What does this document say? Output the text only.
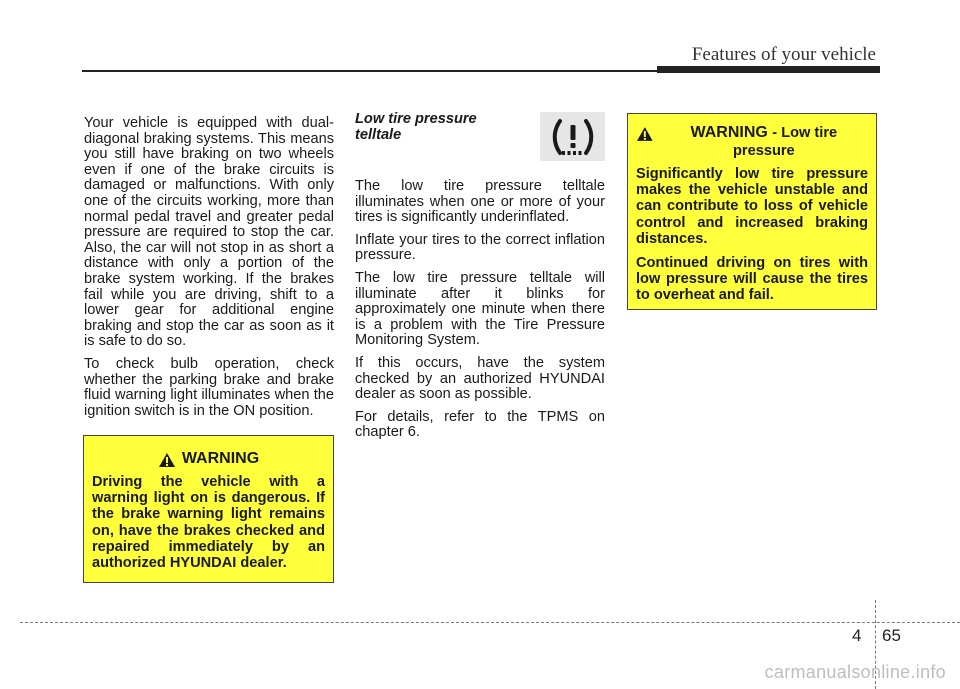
Features of your vehicle

Your vehicle is equipped with dual-diagonal braking systems. This means you still have braking on two wheels even if one of the brake circuits is damaged or malfunctions. With only one of the circuits working, more than normal pedal travel and greater pedal pressure are required to stop the car. Also, the car will not stop in as short a distance with only a portion of the brake system working. If the brakes fail while you are driving, shift to a lower gear for additional engine braking and stop the car as soon as it is safe to do so.

To check bulb operation, check whether the parking brake and brake fluid warning light illuminates when the ignition switch is in the ON position.

WARNING

Driving the vehicle with a warning light on is dangerous. If the brake warning light remains on, have the brakes checked and repaired immediately by an authorized HYUNDAI dealer.

Low tire pressure telltale

The low tire pressure telltale illuminates when one or more of your tires is significantly underinflated.

Inflate your tires to the correct inflation pressure.

The low tire pressure telltale will illuminate after it blinks for approximately one minute when there is a problem with the Tire Pressure Monitoring System.

If this occurs, have the system checked by an authorized HYUNDAI dealer as soon as possible.

For details, refer to the TPMS on chapter 6.

WARNING - Low tire pressure

Significantly low tire pressure makes the vehicle unstable and can contribute to loss of vehicle control and increased braking distances.

Continued driving on tires with low pressure will cause the tires to overheat and fail.

4 65
carmanualsonline.info
